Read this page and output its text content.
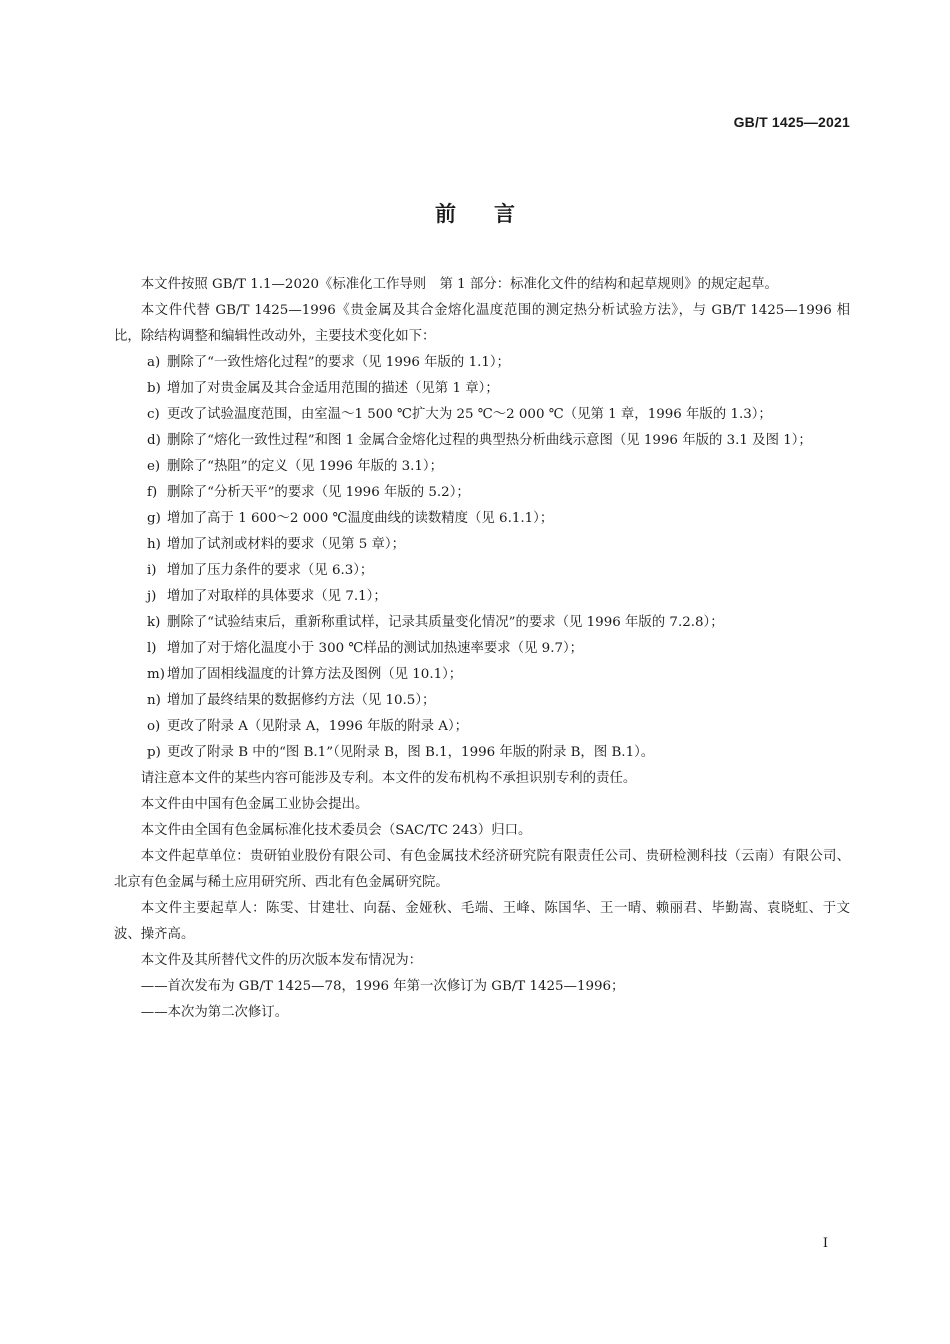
GB/T 1425—2021
前言

本文件按照 GB/T 1.1—2020《标准化工作导则　第 1 部分：标准化文件的结构和起草规则》的规定起草。

本文件代替 GB/T 1425—1996《贵金属及其合金熔化温度范围的测定热分析试验方法》，与 GB/T 1425—1996 相比，除结构调整和编辑性改动外，主要技术变化如下：

a) 删除了“一致性熔化过程”的要求（见 1996 年版的 1.1）；
b) 增加了对贵金属及其合金适用范围的描述（见第 1 章）；
c) 更改了试验温度范围，由室温～1 500 ℃扩大为 25 ℃～2 000 ℃（见第 1 章，1996 年版的 1.3）；
d) 删除了“熔化一致性过程”和图 1 金属合金熔化过程的典型热分析曲线示意图（见 1996 年版的 3.1 及图 1）；
e) 删除了“热阻”的定义（见 1996 年版的 3.1）；
f) 删除了“分析天平”的要求（见 1996 年版的 5.2）；
g) 增加了高于 1 600～2 000 ℃温度曲线的读数精度（见 6.1.1）；
h) 增加了试剂或材料的要求（见第 5 章）；
i) 增加了压力条件的要求（见 6.3）；
j) 增加了对取样的具体要求（见 7.1）；
k) 删除了“试验结束后，重新称重试样，记录其质量变化情况”的要求（见 1996 年版的 7.2.8）；
l) 增加了对于熔化温度小于 300 ℃样品的测试加热速率要求（见 9.7）；
m) 增加了固相线温度的计算方法及图例（见 10.1）；
n) 增加了最终结果的数据修约方法（见 10.5）；
o) 更改了附录 A（见附录 A，1996 年版的附录 A）；
p) 更改了附录 B 中的“图 B.1”（见附录 B，图 B.1，1996 年版的附录 B，图 B.1）。

请注意本文件的某些内容可能涉及专利。本文件的发布机构不承担识别专利的责任。

本文件由中国有色金属工业协会提出。

本文件由全国有色金属标准化技术委员会（SAC/TC 243）归口。

本文件起草单位：贵研铂业股份有限公司、有色金属技术经济研究院有限责任公司、贵研检测科技（云南）有限公司、北京有色金属与稀土应用研究所、西北有色金属研究院。

本文件主要起草人：陈雯、甘建壮、向磊、金娅秋、毛端、王峰、陈国华、王一晴、赖丽君、毕勤嵩、袁晓虹、于文波、操齐高。

本文件及其所替代文件的历次版本发布情况为：

——首次发布为 GB/T 1425—78，1996 年第一次修订为 GB/T 1425—1996；

——本次为第二次修订。

I
